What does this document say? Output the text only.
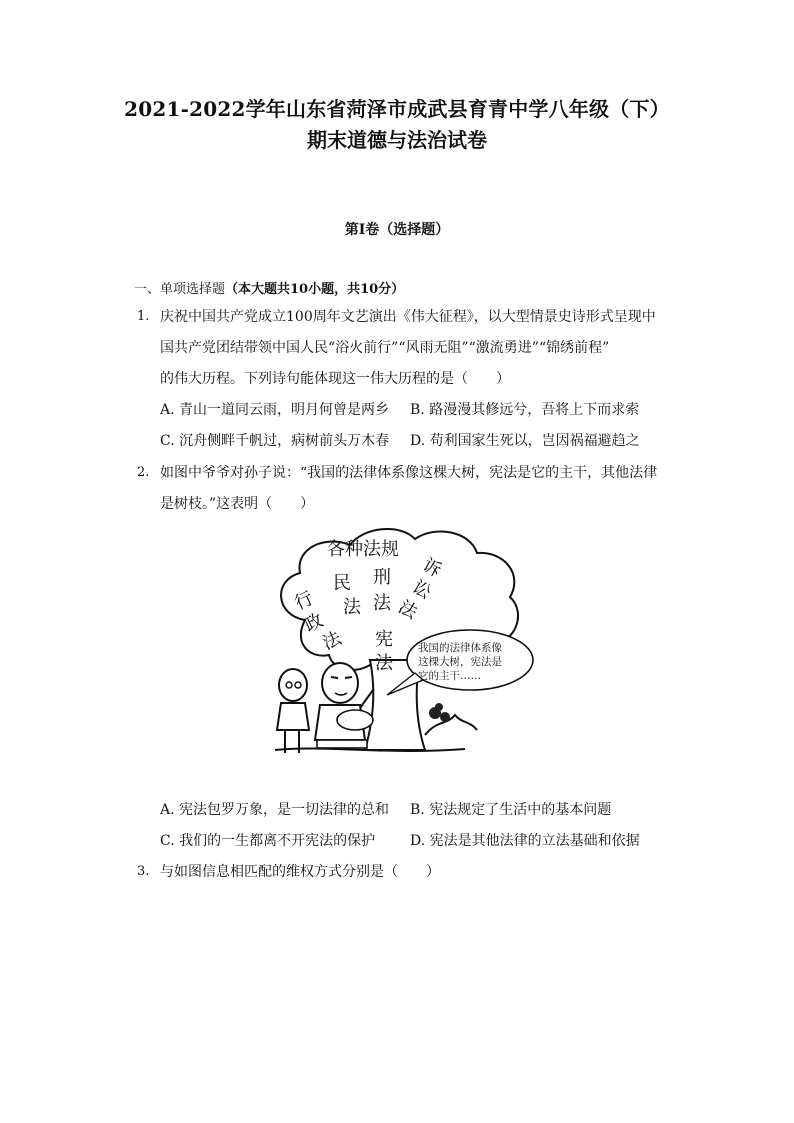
2021-2022学年山东省菏泽市成武县育青中学八年级（下）
期末道德与法治试卷
第I卷（选择题）
一、单项选择题（本大题共10小题，共10分）
1. 庆祝中国共产党成立100周年文艺演出《伟大征程》，以大型情景史诗形式呈现中
国共产党团结带领中国人民“浴火前行”“风雨无阻”“激流勇进”“锦绣前程”
的伟大历程。下列诗句能体现这一伟大历程的是（　　）
A. 青山一道同云雨，明月何曾是两乡 B. 路漫漫其修远兮，吾将上下而求索
C. 沉舟侧畔千帆过，病树前头万木春 D. 苟利国家生死以，岂因祸福避趋之
2. 如图中爷爷对孙子说：“我国的法律体系像这棵大树，宪法是它的主干，其他法律
是树枝。”这表明（　　）
各种法规
行
政
法
民
法
刑
法
诉
讼
法
宪
法
我国的法律体系像
这棵大树，宪法是
它的主干……
A. 宪法包罗万象，是一切法律的总和 B. 宪法规定了生活中的基本问题
C. 我们的一生都离不开宪法的保护 D. 宪法是其他法律的立法基础和依据
3. 与如图信息相匹配的维权方式分别是（　　）
